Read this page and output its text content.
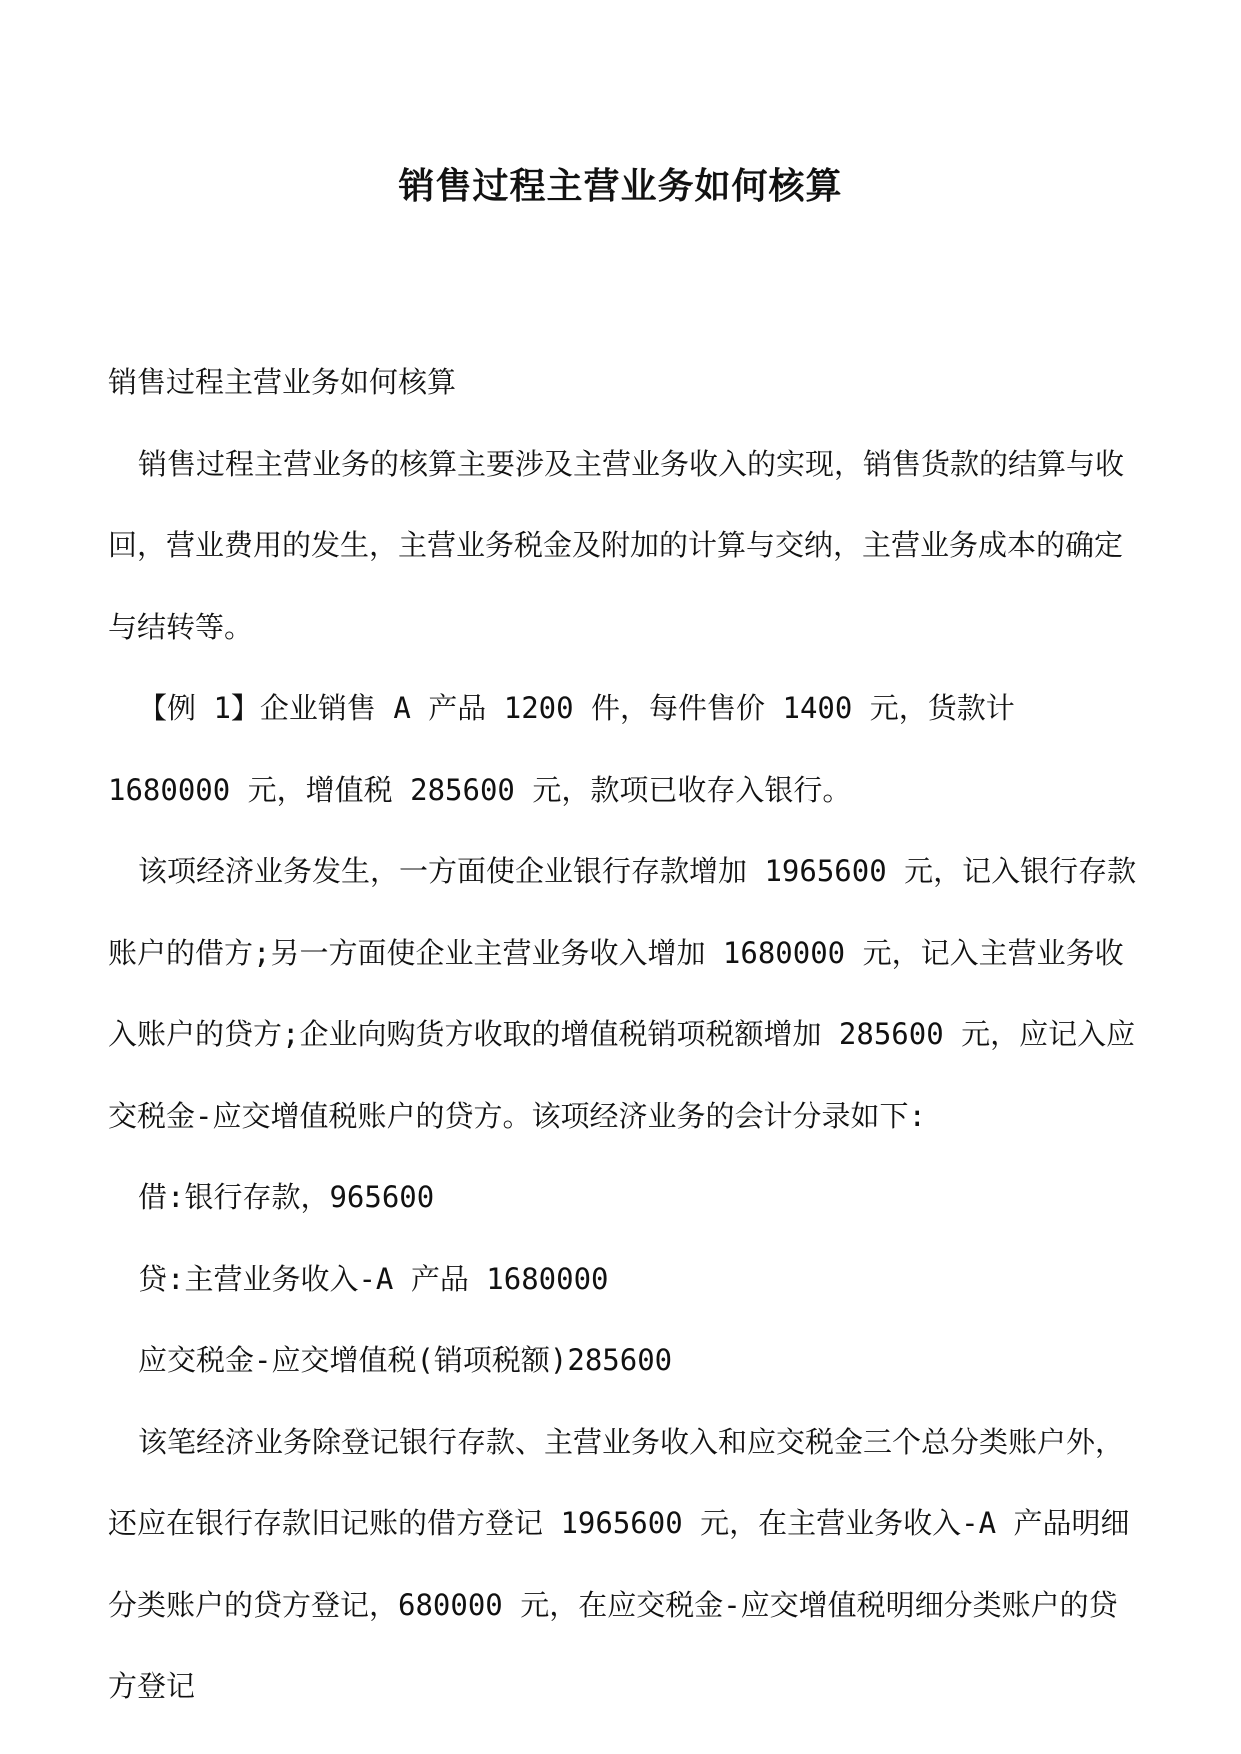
销售过程主营业务如何核算

销售过程主营业务如何核算

销售过程主营业务的核算主要涉及主营业务收入的实现，销售货款的结算与收回，营业费用的发生，主营业务税金及附加的计算与交纳，主营业务成本的确定与结转等。

【例 1】企业销售 A 产品 1200 件，每件售价 1400 元，货款计 1680000 元，增值税 285600 元，款项已收存入银行。

该项经济业务发生，一方面使企业银行存款增加 1965600 元，记入银行存款账户的借方;另一方面使企业主营业务收入增加 1680000 元，记入主营业务收入账户的贷方;企业向购货方收取的增值税销项税额增加 285600 元，应记入应交税金-应交增值税账户的贷方。该项经济业务的会计分录如下:

借:银行存款，965600

贷:主营业务收入-A 产品 1680000

应交税金-应交增值税(销项税额)285600

该笔经济业务除登记银行存款、主营业务收入和应交税金三个总分类账户外，还应在银行存款旧记账的借方登记 1965600 元，在主营业务收入-A 产品明细分类账户的贷方登记，680000 元，在应交税金-应交增值税明细分类账户的贷方登记
